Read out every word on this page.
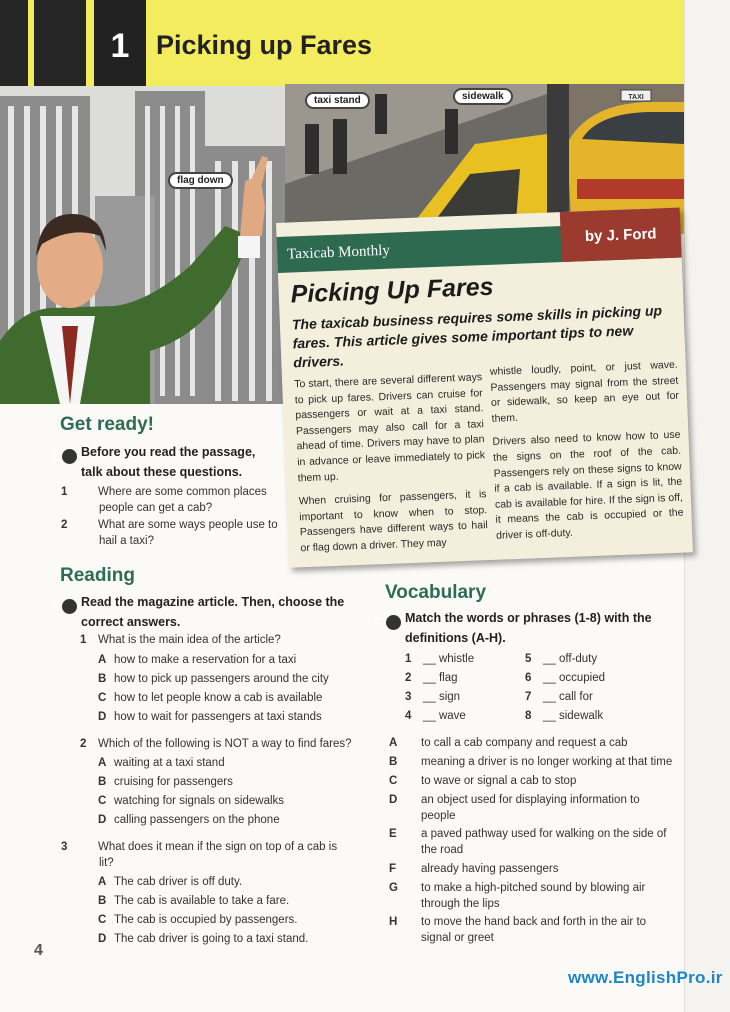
1 Picking up Fares
flag down
taxi stand	sidewalk	TAXI
Taxicab Monthly
by J. Ford
Picking Up Fares
The taxicab business requires some skills in picking up fares. This article gives some important tips to new drivers.

To start, there are several different ways to pick up fares. Drivers can cruise for passengers or wait at a taxi stand. Passengers may also call for a taxi ahead of time. Drivers may have to plan in advance or leave immediately to pick them up.

When cruising for passengers, it is important to know when to stop. Passengers have different ways to hail or flag down a driver. They may

whistle loudly, point, or just wave. Passengers may signal from the street or sidewalk, so keep an eye out for them.

Drivers also need to know how to use the signs on the roof of the cab. Passengers rely on these signs to know if a cab is available. If a sign is lit, the cab is available for hire. If the sign is off, it means the cab is occupied or the driver is off-duty.

Get ready!
1 Before you read the passage, talk about these questions.
1	Where are some common places people can get a cab?
2	What are some ways people use to hail a taxi?
Reading
2 Read the magazine article. Then, choose the correct answers.
1 What is the main idea of the article?
A how to make a reservation for a taxi
B how to pick up passengers around the city
C how to let people know a cab is available
D how to wait for passengers at taxi stands
2 Which of the following is NOT a way to find fares?
A waiting at a taxi stand
B cruising for passengers
C watching for signals on sidewalks
D calling passengers on the phone
3	What does it mean if the sign on top of a cab is lit?
A The cab driver is off duty.
B The cab is available to take a fare.
C The cab is occupied by passengers.
D The cab driver is going to a taxi stand.
Vocabulary
3 Match the words or phrases (1-8) with the definitions (A-H).
1 __ whistle
2 __ flag
3 __ sign
4 __ wave
5 __ off-duty
6 __ occupied
7 __ call for
8 __ sidewalk
A to call a cab company and request a cab
B meaning a driver is no longer working at that time
C to wave or signal a cab to stop
D an object used for displaying information to people
E a paved pathway used for walking on the side of the road
F already having passengers
G to make a high-pitched sound by blowing air through the lips
H to move the hand back and forth in the air to signal or greet
4
www.EnglishPro.ir
